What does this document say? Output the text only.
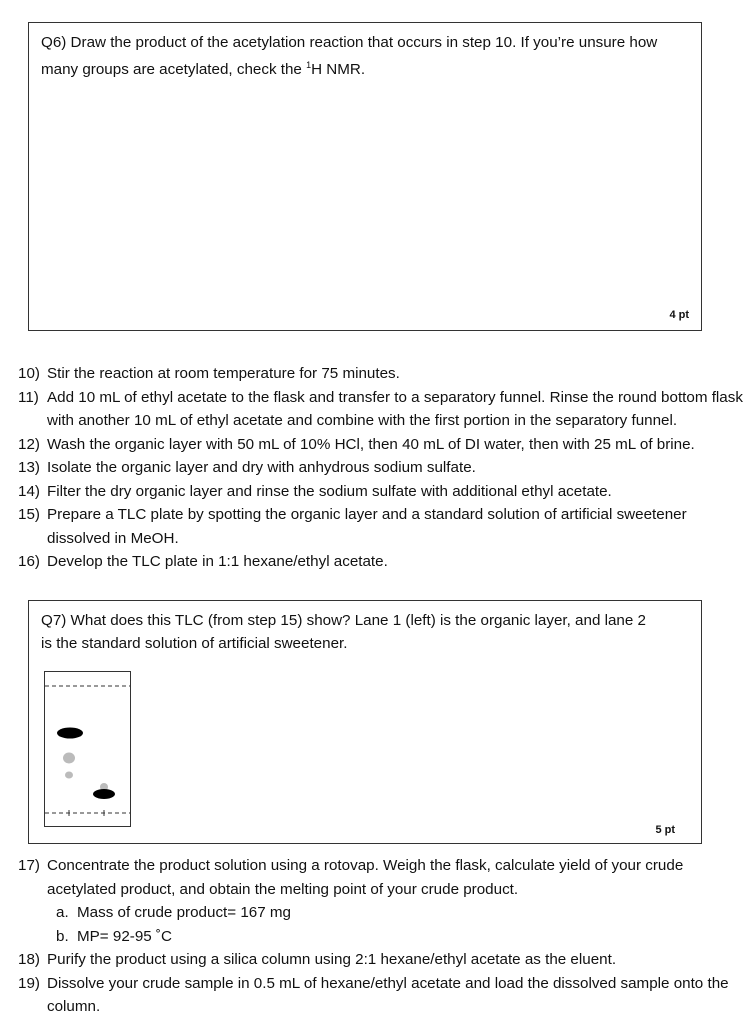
Q6) Draw the product of the acetylation reaction that occurs in step 10. If you’re unsure how many groups are acetylated, check the $^1$H NMR.
4 pt
10) Stir the reaction at room temperature for 75 minutes.
11) Add 10 mL of ethyl acetate to the flask and transfer to a separatory funnel. Rinse the round bottom flask with another 10 mL of ethyl acetate and combine with the first portion in the separatory funnel.
12) Wash the organic layer with 50 mL of 10% HCl, then 40 mL of DI water, then with 25 mL of brine.
13) Isolate the organic layer and dry with anhydrous sodium sulfate.
14) Filter the dry organic layer and rinse the sodium sulfate with additional ethyl acetate.
15) Prepare a TLC plate by spotting the organic layer and a standard solution of artificial sweetener dissolved in MeOH.
16) Develop the TLC plate in 1:1 hexane/ethyl acetate.
Q7) What does this TLC (from step 15) show? Lane 1 (left) is the organic layer, and lane 2 is the standard solution of artificial sweetener.
5 pt
17) Concentrate the product solution using a rotovap. Weigh the flask, calculate yield of your crude acetylated product, and obtain the melting point of your crude product.
a. Mass of crude product= 167 mg
b. MP= 92-95 ˚C
18) Purify the product using a silica column using 2:1 hexane/ethyl acetate as the eluent.
19) Dissolve your crude sample in 0.5 mL of hexane/ethyl acetate and load the dissolved sample onto the column.
